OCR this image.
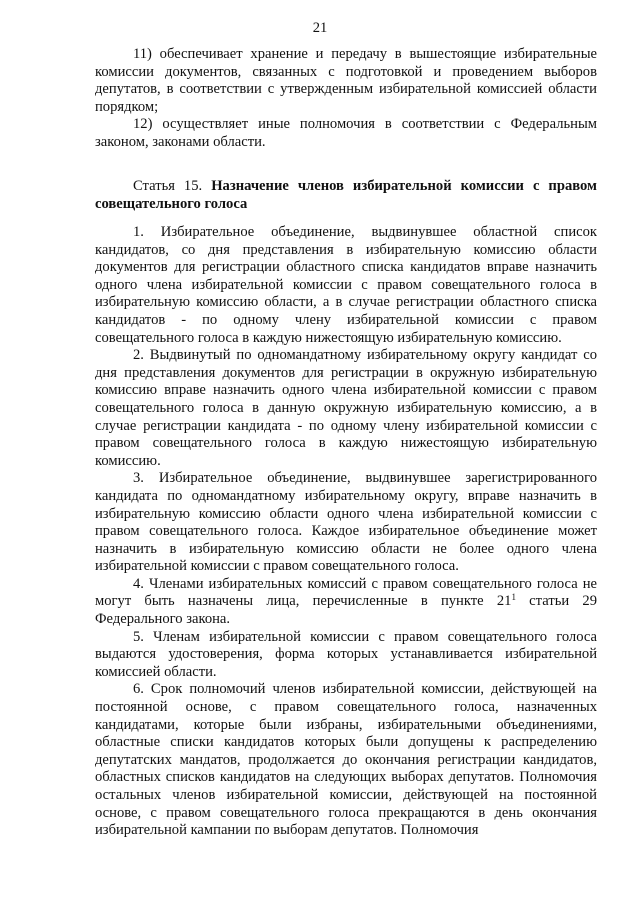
21

11) обеспечивает хранение и передачу в вышестоящие избирательные комиссии документов, связанных с подготовкой и проведением выборов депутатов, в соответствии с утвержденным избирательной комиссией области порядком;

12) осуществляет иные полномочия в соответствии с Федеральным законом, законами области.

Статья 15. Назначение членов избирательной комиссии с правом совещательного голоса

1. Избирательное объединение, выдвинувшее областной список кандидатов, со дня представления в избирательную комиссию области документов для регистрации областного списка кандидатов вправе назначить одного члена избирательной комиссии с правом совещательного голоса в избирательную комиссию области, а в случае регистрации областного списка кандидатов - по одному члену избирательной комиссии с правом совещательного голоса в каждую нижестоящую избирательную комиссию.

2. Выдвинутый по одномандатному избирательному округу кандидат со дня представления документов для регистрации в окружную избирательную комиссию вправе назначить одного члена избирательной комиссии с правом совещательного голоса в данную окружную избирательную комиссию, а в случае регистрации кандидата - по одному члену избирательной комиссии с правом совещательного голоса в каждую нижестоящую избирательную комиссию.

3. Избирательное объединение, выдвинувшее зарегистрированного кандидата по одномандатному избирательному округу, вправе назначить в избирательную комиссию области одного члена избирательной комиссии с правом совещательного голоса. Каждое избирательное объединение может назначить в избирательную комиссию области не более одного члена избирательной комиссии с правом совещательного голоса.

4. Членами избирательных комиссий с правом совещательного голоса не могут быть назначены лица, перечисленные в пункте $21^1$ статьи 29 Федерального закона.

5. Членам избирательной комиссии с правом совещательного голоса выдаются удостоверения, форма которых устанавливается избирательной комиссией области.

6. Срок полномочий членов избирательной комиссии, действующей на постоянной основе, с правом совещательного голоса, назначенных кандидатами, которые были избраны, избирательными объединениями, областные списки кандидатов которых были допущены к распределению депутатских мандатов, продолжается до окончания регистрации кандидатов, областных списков кандидатов на следующих выборах депутатов. Полномочия остальных членов избирательной комиссии, действующей на постоянной основе, с правом совещательного голоса прекращаются в день окончания избирательной кампании по выборам депутатов. Полномочия
